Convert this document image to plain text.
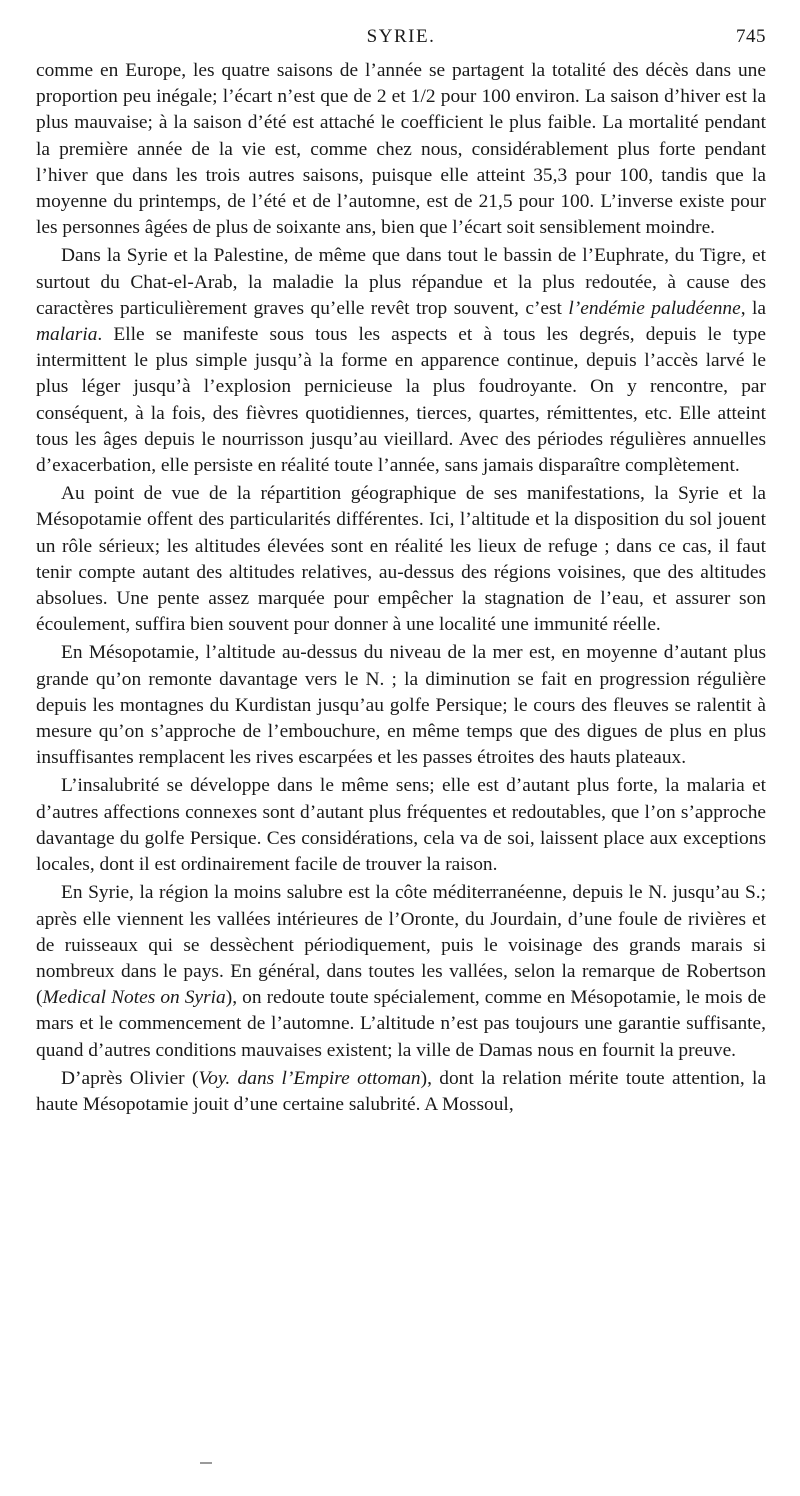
SYRIE.	745

comme en Europe, les quatre saisons de l’année se partagent la totalité des décès dans une proportion peu inégale; l’écart n’est que de 2 et 1/2 pour 100 environ. La saison d’hiver est la plus mauvaise; à la saison d’été est attaché le coefficient le plus faible. La mortalité pendant la première année de la vie est, comme chez nous, considérablement plus forte pendant l’hiver que dans les trois autres saisons, puisque elle atteint 35,3 pour 100, tandis que la moyenne du printemps, de l’été et de l’automne, est de 21,5 pour 100. L’inverse existe pour les personnes âgées de plus de soixante ans, bien que l’écart soit sensiblement moindre.

Dans la Syrie et la Palestine, de même que dans tout le bassin de l’Euphrate, du Tigre, et surtout du Chat-el-Arab, la maladie la plus répandue et la plus redoutée, à cause des caractères particulièrement graves qu’elle revêt trop souvent, c’est l’endémie paludéenne, la malaria. Elle se manifeste sous tous les aspects et à tous les degrés, depuis le type intermittent le plus simple jusqu’à la forme en apparence continue, depuis l’accès larvé le plus léger jusqu’à l’explosion pernicieuse la plus foudroyante. On y rencontre, par conséquent, à la fois, des fièvres quotidiennes, tierces, quartes, rémittentes, etc. Elle atteint tous les âges depuis le nourrisson jusqu’au vieillard. Avec des périodes régulières annuelles d’exacerbation, elle persiste en réalité toute l’année, sans jamais disparaître complètement.

Au point de vue de la répartition géographique de ses manifestations, la Syrie et la Mésopotamie offent des particularités différentes. Ici, l’altitude et la disposition du sol jouent un rôle sérieux; les altitudes élevées sont en réalité les lieux de refuge ; dans ce cas, il faut tenir compte autant des altitudes relatives, au-dessus des régions voisines, que des altitudes absolues. Une pente assez marquée pour empêcher la stagnation de l’eau, et assurer son écoulement, suffira bien souvent pour donner à une localité une immunité réelle.

En Mésopotamie, l’altitude au-dessus du niveau de la mer est, en moyenne d’autant plus grande qu’on remonte davantage vers le N. ; la diminution se fait en progression régulière depuis les montagnes du Kurdistan jusqu’au golfe Persique; le cours des fleuves se ralentit à mesure qu’on s’approche de l’embouchure, en même temps que des digues de plus en plus insuffisantes remplacent les rives escarpées et les passes étroites des hauts plateaux.

L’insalubrité se développe dans le même sens; elle est d’autant plus forte, la malaria et d’autres affections connexes sont d’autant plus fréquentes et redoutables, que l’on s’approche davantage du golfe Persique. Ces considérations, cela va de soi, laissent place aux exceptions locales, dont il est ordinairement facile de trouver la raison.

En Syrie, la région la moins salubre est la côte méditerranéenne, depuis le N. jusqu’au S.; après elle viennent les vallées intérieures de l’Oronte, du Jourdain, d’une foule de rivières et de ruisseaux qui se dessèchent périodiquement, puis le voisinage des grands marais si nombreux dans le pays. En général, dans toutes les vallées, selon la remarque de Robertson (Medical Notes on Syria), on redoute toute spécialement, comme en Mésopotamie, le mois de mars et le commencement de l’automne. L’altitude n’est pas toujours une garantie suffisante, quand d’autres conditions mauvaises existent; la ville de Damas nous en fournit la preuve.

D’après Olivier (Voy. dans l’Empire ottoman), dont la relation mérite toute attention, la haute Mésopotamie jouit d’une certaine salubrité. A Mossoul,
